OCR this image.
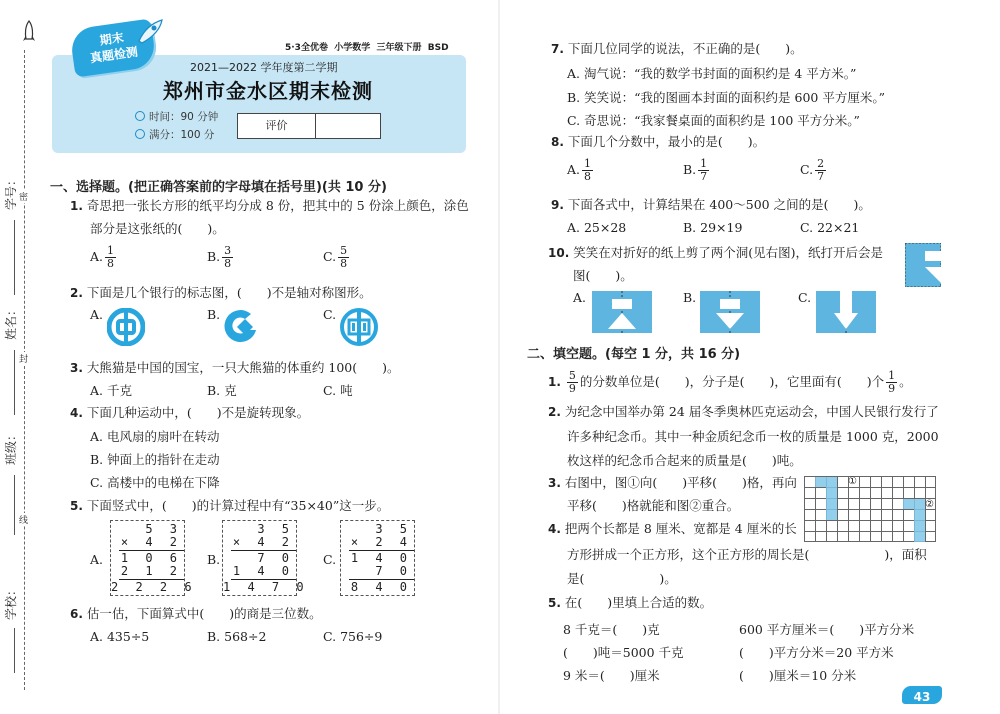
学号：
姓名：
班级：
学校：
密
封
线
期末
真题检测	5·3全优卷  小学数学  三年级下册  BSD
2021—2022 学年度第二学期
郑州市金水区期末检测
时间：90 分钟
满分：100 分
评价
一、选择题。(把正确答案前的字母填在括号里)(共 10 分)
1. 奇思把一张长方形的纸平均分成 8 份，把其中的 5 份涂上颜色，涂色
部分是这张纸的(　　)。
A. $\frac{1}{8}$	B. $\frac{3}{8}$	C. $\frac{5}{8}$
2. 下面是几个银行的标志图，(　　)不是轴对称图形。
A.	B.	C.
3. 大熊猫是中国的国宝，一只大熊猫的体重约 100(　　)。
A. 千克	B. 克	C. 吨
4. 下面几种运动中，(　　)不是旋转现象。
A. 电风扇的扇叶在转动
B. 钟面上的指针在走动
C. 高楼中的电梯在下降
5. 下面竖式中，(　　)的计算过程中有“35×40”这一步。
A.
5 3
× 4 2
1 0 6
2 1 2
2 2 2 6
B.
3 5
× 4 2
7 0
1 4 0
1 4 7 0
C.
3 5
× 2 4
1 4 0
7 0
8 4 0
6. 估一估，下面算式中(　　)的商是三位数。
A. 435÷5	B. 568÷2	C. 756÷9
7. 下面几位同学的说法，不正确的是(　　)。
A. 淘气说：“我的数学书封面的面积约是 4 平方米。”
B. 笑笑说：“我的图画本封面的面积约是 600 平方厘米。”
C. 奇思说：“我家餐桌面的面积约是 100 平方分米。”
8. 下面几个分数中，最小的是(　　)。
A. $\frac{1}{8}$	B. $\frac{1}{7}$	C. $\frac{2}{7}$
9. 下面各式中，计算结果在 400～500 之间的是(　　)。
A. 25×28	B. 29×19	C. 22×21
10. 笑笑在对折好的纸上剪了两个洞(见右图)，纸打开后会是
图(　　)。
A.	B.	C.
二、填空题。(每空 1 分，共 16 分)
1. $\frac{5}{9}$ 的分数单位是(　　)，分子是(　　)，它里面有(　　)个 $\frac{1}{9}$ 。
2. 为纪念中国举办第 24 届冬季奥林匹克运动会，中国人民银行发行了
许多种纪念币。其中一种金质纪念币一枚的质量是 1000 克，2000
枚这样的纪念币合起来的质量是(　　)吨。
3. 右图中，图①向(　　)平移(　　)格，再向
平移(　　)格就能和图②重合。
①
②
4. 把两个长都是 8 厘米、宽都是 4 厘米的长
方形拼成一个正方形，这个正方形的周长是(　　　　　　)，面积
是(　　　　　　)。
5. 在(　　)里填上合适的数。
8 千克＝(　　)克	600 平方厘米＝(　　)平方分米
(　　)吨＝5000 千克	(　　)平方分米＝20 平方米
9 米＝(　　)厘米	(　　)厘米＝10 分米
43
